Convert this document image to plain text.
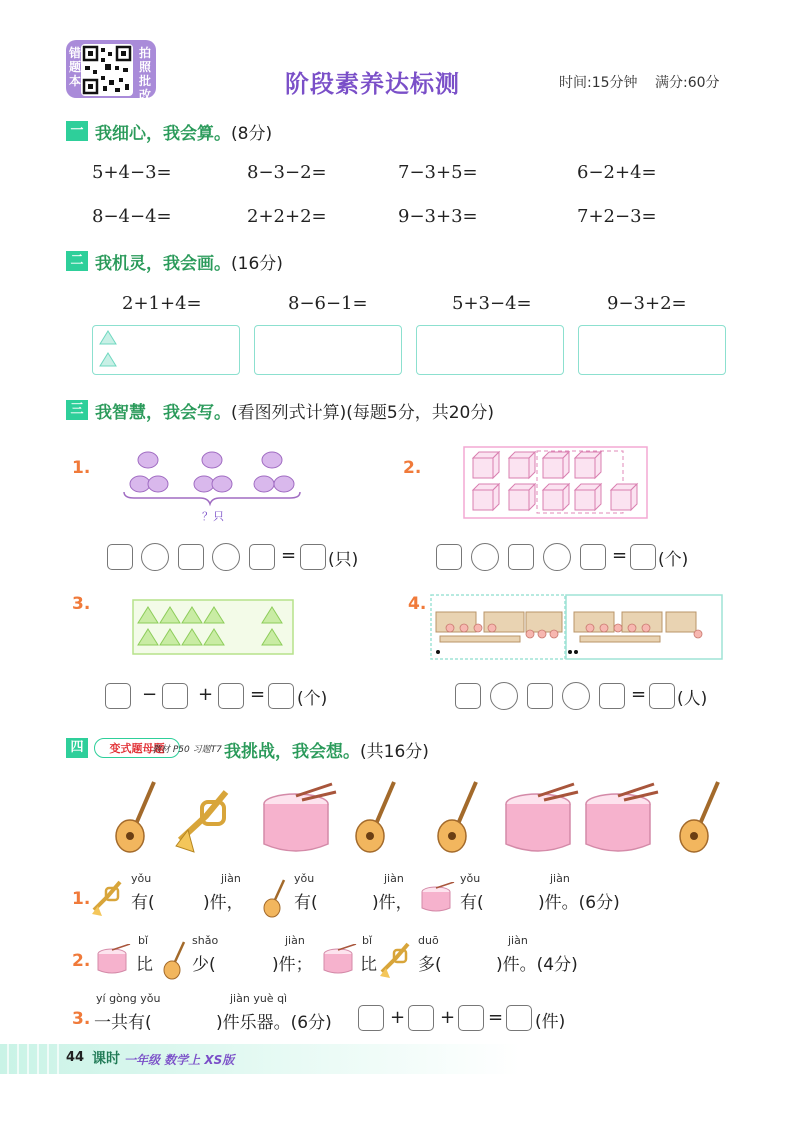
错题本
拍照批改	阶段素养达标测	时间:15分钟 满分:60分
一 我细心，我会算。(8分)
5+4−3=	8−3−2=	7−3+5=	6−2+4=
8−4−4=	2+2+2=	9−3+3=	7+2−3=
二 我机灵，我会画。(16分)
2+1+4=	8−6−1=	5+3−4=	9−3+2=
三 我智慧，我会写。(看图列式计算)(每题5分，共20分)
1.
？只
= (只)
2.
= (个)
3.
− + = (个)
4.
= (人)
四	变式题母题
教材 P50 习题T7 我挑战，我会想。(共16分)
1.
yǒu
有(
jiàn
)件，
yǒu
有(
jiàn
)件，
yǒu
有(
jiàn
)件。(6分)
2.
bǐ
比
shǎo
少(
jiàn
)件；
bǐ
比
duō
多(
jiàn
)件。(4分)
3.
yí gòng yǒu
一共有(
jiàn yuè qì
)件乐器。(6分)	+ + = (件)
44 课时 一年级 数学上 XS版
